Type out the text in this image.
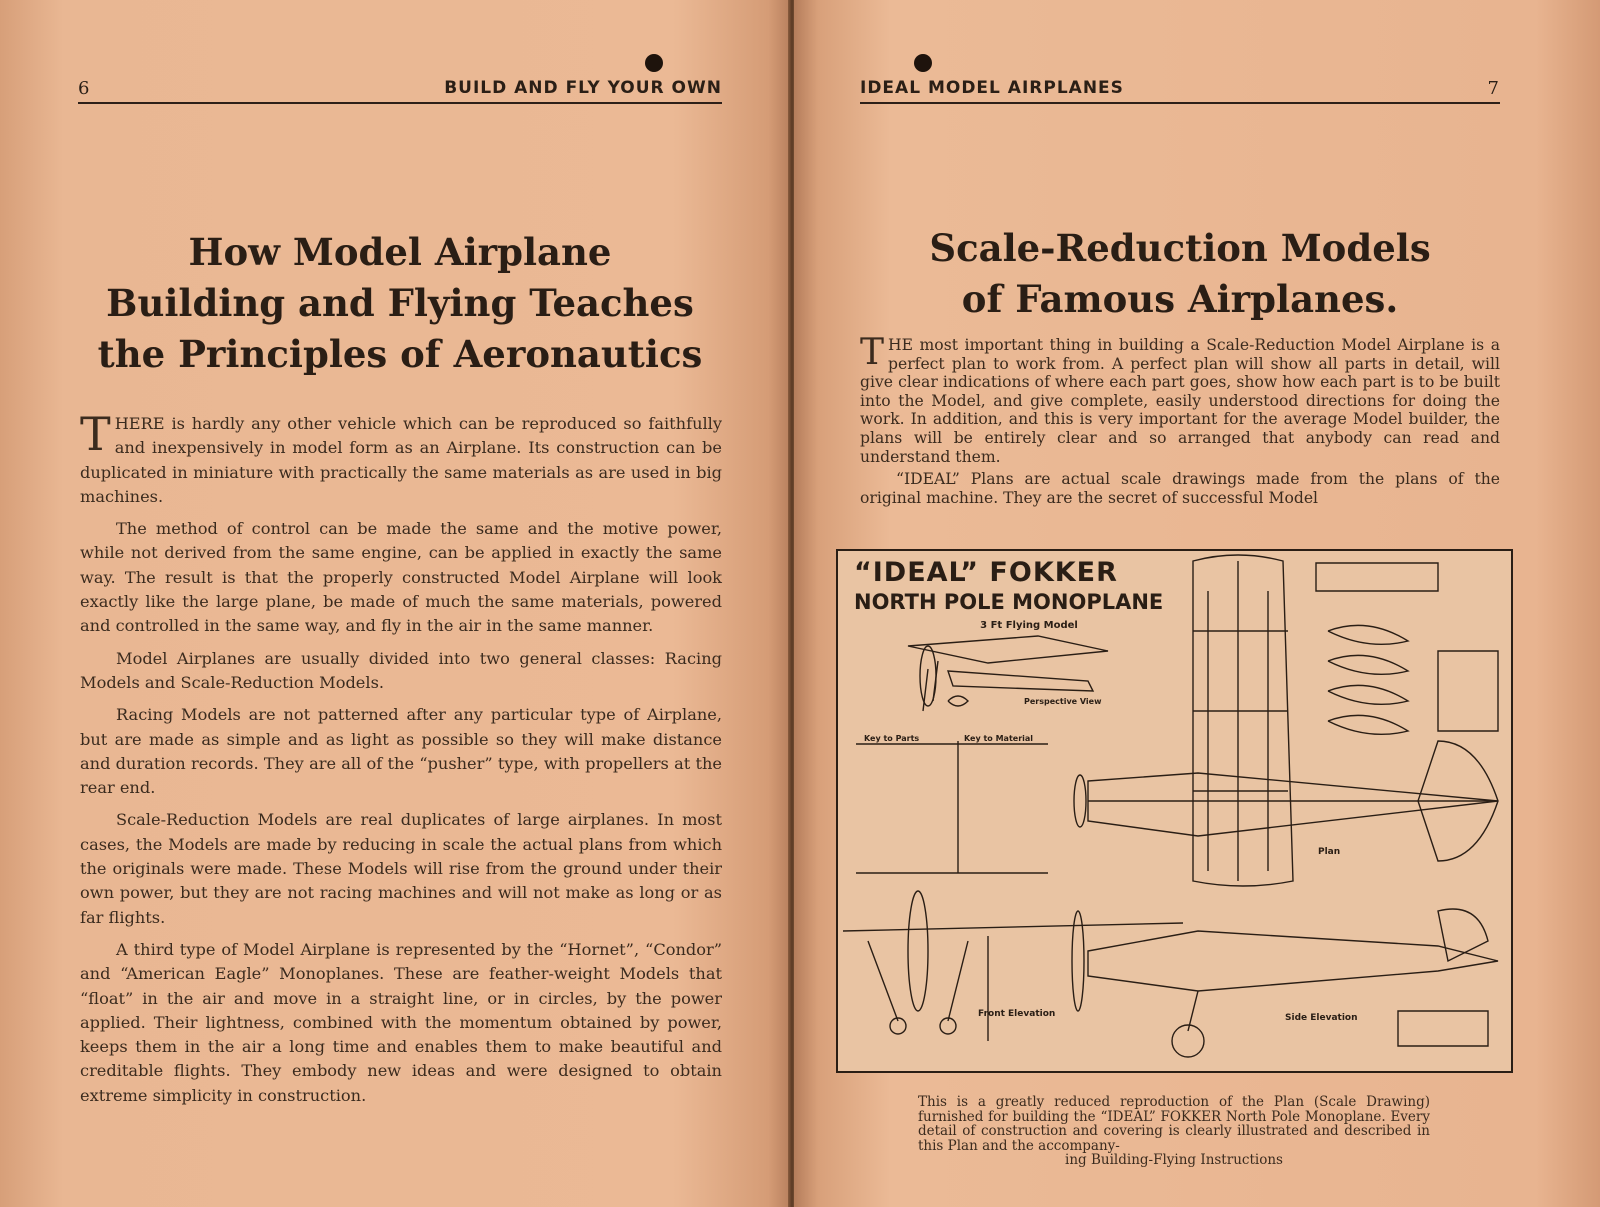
6	BUILD AND FLY YOUR OWN
How Model Airplane
Building and Flying Teaches
the Principles of Aeronautics

THERE is hardly any other vehicle which can be reproduced so faithfully and inexpensively in model form as an Airplane. Its construction can be duplicated in miniature with practically the same materials as are used in big machines.

The method of control can be made the same and the motive power, while not derived from the same engine, can be applied in exactly the same way. The result is that the properly constructed Model Airplane will look exactly like the large plane, be made of much the same materials, powered and controlled in the same way, and fly in the air in the same manner.

Model Airplanes are usually divided into two general classes: Racing Models and Scale-Reduction Models.

Racing Models are not patterned after any particular type of Airplane, but are made as simple and as light as possible so they will make distance and duration records. They are all of the “pusher” type, with propellers at the rear end.

Scale-Reduction Models are real duplicates of large airplanes. In most cases, the Models are made by reducing in scale the actual plans from which the originals were made. These Models will rise from the ground under their own power, but they are not racing machines and will not make as long or as far flights.

A third type of Model Airplane is represented by the “Hornet”, “Condor” and “American Eagle” Monoplanes. These are feather-weight Models that “float” in the air and move in a straight line, or in circles, by the power applied. Their lightness, combined with the momentum obtained by power, keeps them in the air a long time and enables them to make beautiful and creditable flights. They embody new ideas and were designed to obtain extreme simplicity in construction.

IDEAL MODEL AIRPLANES	7
Scale-Reduction Models
of Famous Airplanes.

THE most important thing in building a Scale-Reduction Model Airplane is a perfect plan to work from. A perfect plan will show all parts in detail, will give clear indications of where each part goes, show how each part is to be built into the Model, and give complete, easily understood directions for doing the work. In addition, and this is very important for the average Model builder, the plans will be entirely clear and so arranged that anybody can read and understand them.

“IDEAL” Plans are actual scale drawings made from the plans of the original machine. They are the secret of successful Model

“IDEAL” FOKKER
NORTH POLE MONOPLANE
3 Ft Flying Model
Perspective View
Key to Parts	Key to Material
Plan
Front Elevation	Side Elevation
This is a greatly reduced reproduction of the Plan (Scale Drawing) furnished for building the “IDEAL” FOKKER North Pole Monoplane. Every detail of construction and covering is clearly illustrated and described in this Plan and the accompany-
ing Building-Flying Instructions
